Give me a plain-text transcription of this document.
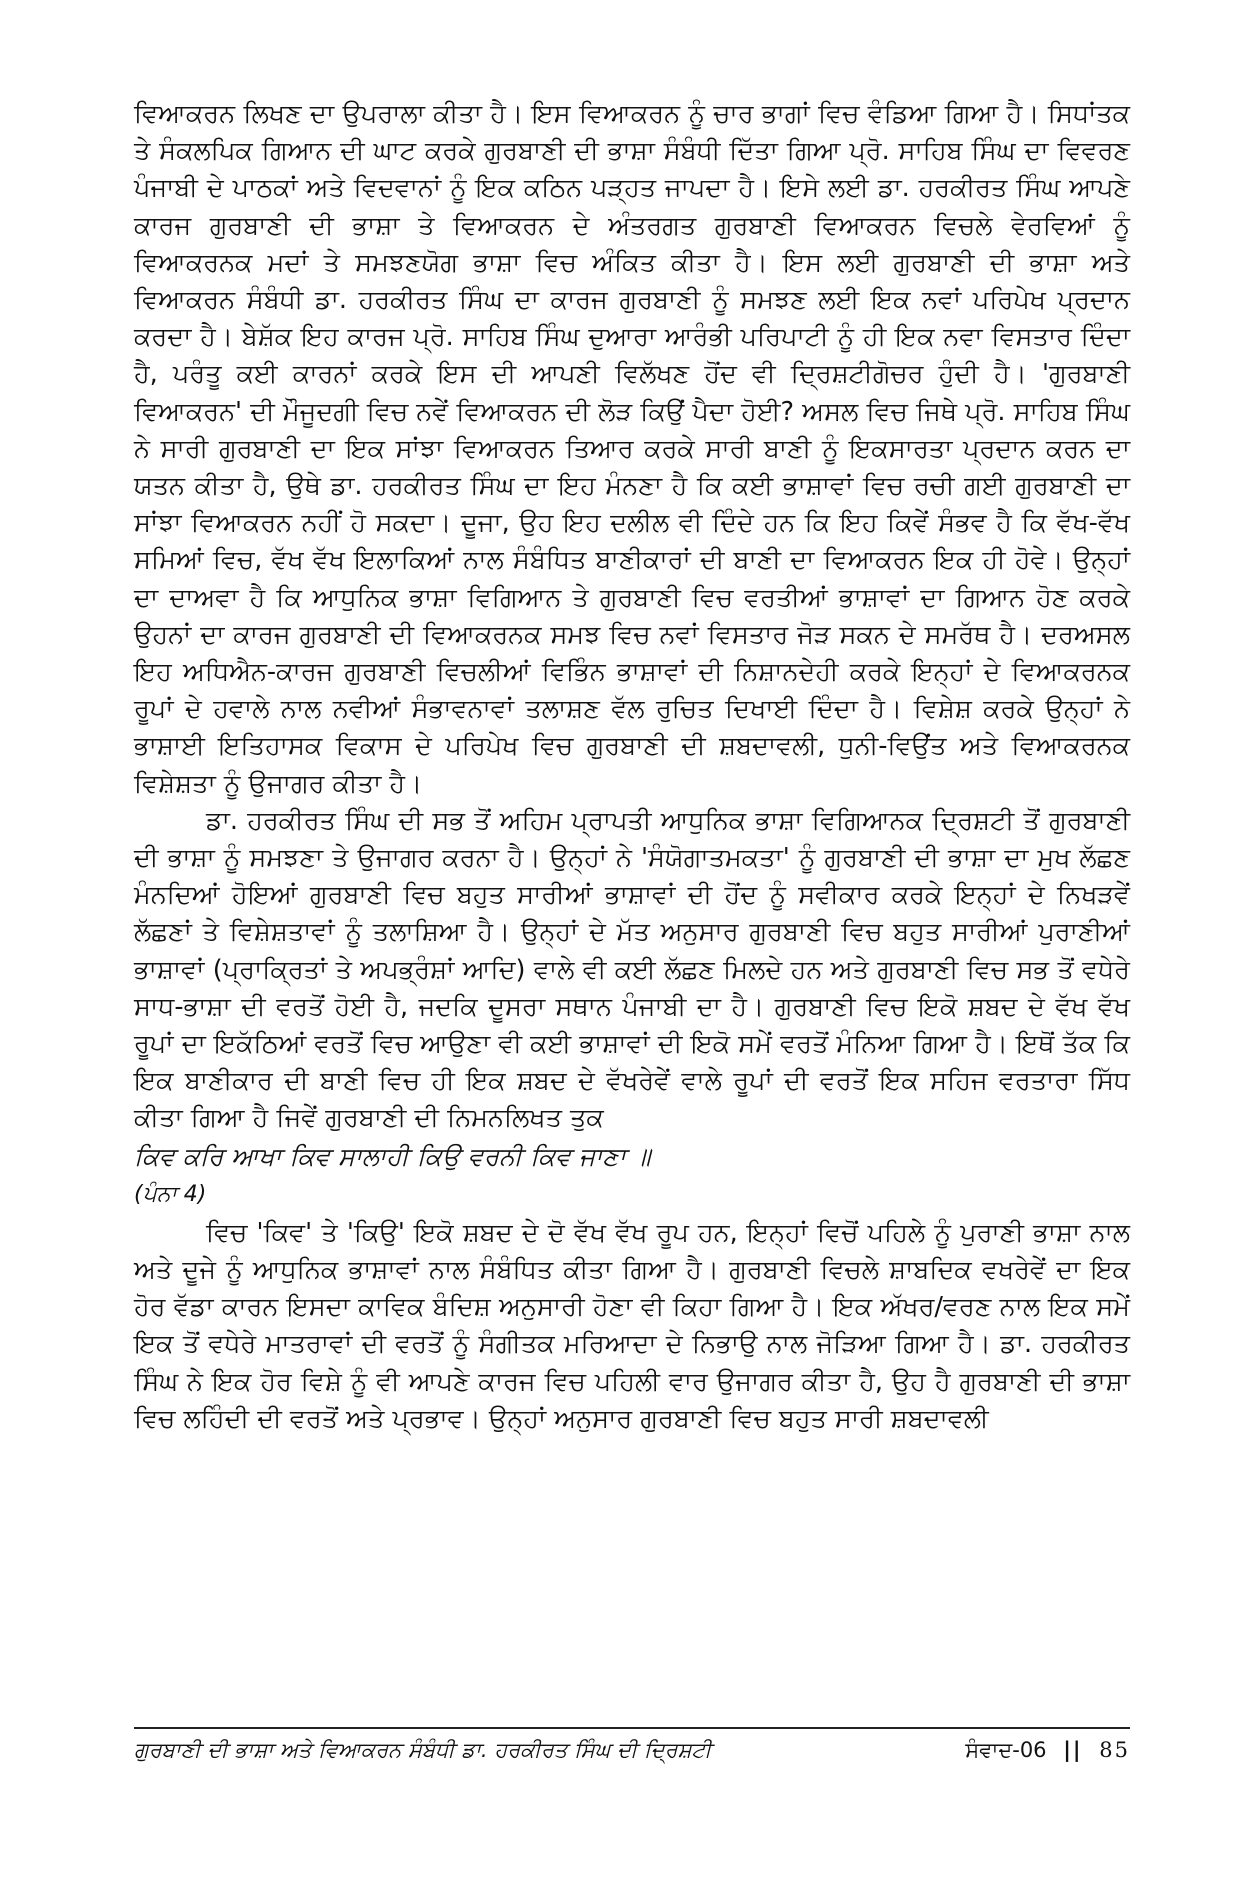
ਵਿਆਕਰਨ ਲਿਖਣ ਦਾ ਉਪਰਾਲਾ ਕੀਤਾ ਹੈ। ਇਸ ਵਿਆਕਰਨ ਨੂੰ ਚਾਰ ਭਾਗਾਂ ਵਿਚ ਵੰਡਿਆ ਗਿਆ ਹੈ। ਸਿਧਾਂਤਕ ਤੇ ਸੰਕਲਪਿਕ ਗਿਆਨ ਦੀ ਘਾਟ ਕਰਕੇ ਗੁਰਬਾਣੀ ਦੀ ਭਾਸ਼ਾ ਸੰਬੰਧੀ ਦਿੱਤਾ ਗਿਆ ਪ੍ਰੋ. ਸਾਹਿਬ ਸਿੰਘ ਦਾ ਵਿਵਰਣ ਪੰਜਾਬੀ ਦੇ ਪਾਠਕਾਂ ਅਤੇ ਵਿਦਵਾਨਾਂ ਨੂੰ ਇਕ ਕਠਿਨ ਪੜ੍ਹਤ ਜਾਪਦਾ ਹੈ। ਇਸੇ ਲਈ ਡਾ. ਹਰਕੀਰਤ ਸਿੰਘ ਆਪਣੇ ਕਾਰਜ ਗੁਰਬਾਣੀ ਦੀ ਭਾਸ਼ਾ ਤੇ ਵਿਆਕਰਨ ਦੇ ਅੰਤਰਗਤ ਗੁਰਬਾਣੀ ਵਿਆਕਰਨ ਵਿਚਲੇ ਵੇਰਵਿਆਂ ਨੂੰ ਵਿਆਕਰਨਕ ਮਦਾਂ ਤੇ ਸਮਝਣਯੋਗ ਭਾਸ਼ਾ ਵਿਚ ਅੰਕਿਤ ਕੀਤਾ ਹੈ। ਇਸ ਲਈ ਗੁਰਬਾਣੀ ਦੀ ਭਾਸ਼ਾ ਅਤੇ ਵਿਆਕਰਨ ਸੰਬੰਧੀ ਡਾ. ਹਰਕੀਰਤ ਸਿੰਘ ਦਾ ਕਾਰਜ ਗੁਰਬਾਣੀ ਨੂੰ ਸਮਝਣ ਲਈ ਇਕ ਨਵਾਂ ਪਰਿਪੇਖ ਪ੍ਰਦਾਨ ਕਰਦਾ ਹੈ। ਬੇਸ਼ੱਕ ਇਹ ਕਾਰਜ ਪ੍ਰੋ. ਸਾਹਿਬ ਸਿੰਘ ਦੁਆਰਾ ਆਰੰਭੀ ਪਰਿਪਾਟੀ ਨੂੰ ਹੀ ਇਕ ਨਵਾ ਵਿਸਤਾਰ ਦਿੰਦਾ ਹੈ, ਪਰੰਤੂ ਕਈ ਕਾਰਨਾਂ ਕਰਕੇ ਇਸ ਦੀ ਆਪਣੀ ਵਿਲੱਖਣ ਹੋਂਦ ਵੀ ਦ੍ਰਿਸ਼ਟੀਗੋਚਰ ਹੁੰਦੀ ਹੈ। 'ਗੁਰਬਾਣੀ ਵਿਆਕਰਨ' ਦੀ ਮੌਜੂਦਗੀ ਵਿਚ ਨਵੇਂ ਵਿਆਕਰਨ ਦੀ ਲੋੜ ਕਿਉਂ ਪੈਦਾ ਹੋਈ? ਅਸਲ ਵਿਚ ਜਿਥੇ ਪ੍ਰੋ. ਸਾਹਿਬ ਸਿੰਘ ਨੇ ਸਾਰੀ ਗੁਰਬਾਣੀ ਦਾ ਇਕ ਸਾਂਝਾ ਵਿਆਕਰਨ ਤਿਆਰ ਕਰਕੇ ਸਾਰੀ ਬਾਣੀ ਨੂੰ ਇਕਸਾਰਤਾ ਪ੍ਰਦਾਨ ਕਰਨ ਦਾ ਯਤਨ ਕੀਤਾ ਹੈ, ਉਥੇ ਡਾ. ਹਰਕੀਰਤ ਸਿੰਘ ਦਾ ਇਹ ਮੰਨਣਾ ਹੈ ਕਿ ਕਈ ਭਾਸ਼ਾਵਾਂ ਵਿਚ ਰਚੀ ਗਈ ਗੁਰਬਾਣੀ ਦਾ ਸਾਂਝਾ ਵਿਆਕਰਨ ਨਹੀਂ ਹੋ ਸਕਦਾ। ਦੂਜਾ, ਉਹ ਇਹ ਦਲੀਲ ਵੀ ਦਿੰਦੇ ਹਨ ਕਿ ਇਹ ਕਿਵੇਂ ਸੰਭਵ ਹੈ ਕਿ ਵੱਖ-ਵੱਖ ਸਮਿਆਂ ਵਿਚ, ਵੱਖ ਵੱਖ ਇਲਾਕਿਆਂ ਨਾਲ ਸੰਬੰਧਿਤ ਬਾਣੀਕਾਰਾਂ ਦੀ ਬਾਣੀ ਦਾ ਵਿਆਕਰਨ ਇਕ ਹੀ ਹੋਵੇ। ਉਨ੍ਹਾਂ ਦਾ ਦਾਅਵਾ ਹੈ ਕਿ ਆਧੁਨਿਕ ਭਾਸ਼ਾ ਵਿਗਿਆਨ ਤੇ ਗੁਰਬਾਣੀ ਵਿਚ ਵਰਤੀਆਂ ਭਾਸ਼ਾਵਾਂ ਦਾ ਗਿਆਨ ਹੋਣ ਕਰਕੇ ਉਹਨਾਂ ਦਾ ਕਾਰਜ ਗੁਰਬਾਣੀ ਦੀ ਵਿਆਕਰਨਕ ਸਮਝ ਵਿਚ ਨਵਾਂ ਵਿਸਤਾਰ ਜੋੜ ਸਕਨ ਦੇ ਸਮਰੱਥ ਹੈ। ਦਰਅਸਲ ਇਹ ਅਧਿਐਨ-ਕਾਰਜ ਗੁਰਬਾਣੀ ਵਿਚਲੀਆਂ ਵਿਭਿੰਨ ਭਾਸ਼ਾਵਾਂ ਦੀ ਨਿਸ਼ਾਨਦੇਹੀ ਕਰਕੇ ਇਨ੍ਹਾਂ ਦੇ ਵਿਆਕਰਨਕ ਰੂਪਾਂ ਦੇ ਹਵਾਲੇ ਨਾਲ ਨਵੀਆਂ ਸੰਭਾਵਨਾਵਾਂ ਤਲਾਸ਼ਣ ਵੱਲ ਰੁਚਿਤ ਦਿਖਾਈ ਦਿੰਦਾ ਹੈ। ਵਿਸ਼ੇਸ਼ ਕਰਕੇ ਉਨ੍ਹਾਂ ਨੇ ਭਾਸ਼ਾਈ ਇਤਿਹਾਸਕ ਵਿਕਾਸ ਦੇ ਪਰਿਪੇਖ ਵਿਚ ਗੁਰਬਾਣੀ ਦੀ ਸ਼ਬਦਾਵਲੀ, ਧੁਨੀ-ਵਿਉਂਤ ਅਤੇ ਵਿਆਕਰਨਕ ਵਿਸ਼ੇਸ਼ਤਾ ਨੂੰ ਉਜਾਗਰ ਕੀਤਾ ਹੈ।

ਡਾ. ਹਰਕੀਰਤ ਸਿੰਘ ਦੀ ਸਭ ਤੋਂ ਅਹਿਮ ਪ੍ਰਾਪਤੀ ਆਧੁਨਿਕ ਭਾਸ਼ਾ ਵਿਗਿਆਨਕ ਦ੍ਰਿਸ਼ਟੀ ਤੋਂ ਗੁਰਬਾਣੀ ਦੀ ਭਾਸ਼ਾ ਨੂੰ ਸਮਝਣਾ ਤੇ ਉਜਾਗਰ ਕਰਨਾ ਹੈ। ਉਨ੍ਹਾਂ ਨੇ 'ਸੰਯੋਗਾਤਮਕਤਾ' ਨੂੰ ਗੁਰਬਾਣੀ ਦੀ ਭਾਸ਼ਾ ਦਾ ਮੁਖ ਲੱਛਣ ਮੰਨਦਿਆਂ ਹੋਇਆਂ ਗੁਰਬਾਣੀ ਵਿਚ ਬਹੁਤ ਸਾਰੀਆਂ ਭਾਸ਼ਾਵਾਂ ਦੀ ਹੋਂਦ ਨੂੰ ਸਵੀਕਾਰ ਕਰਕੇ ਇਨ੍ਹਾਂ ਦੇ ਨਿਖੜਵੇਂ ਲੱਛਣਾਂ ਤੇ ਵਿਸ਼ੇਸ਼ਤਾਵਾਂ ਨੂੰ ਤਲਾਸ਼ਿਆ ਹੈ। ਉਨ੍ਹਾਂ ਦੇ ਮੱਤ ਅਨੁਸਾਰ ਗੁਰਬਾਣੀ ਵਿਚ ਬਹੁਤ ਸਾਰੀਆਂ ਪੁਰਾਣੀਆਂ ਭਾਸ਼ਾਵਾਂ (ਪ੍ਰਾਕ੍ਰਿਤਾਂ ਤੇ ਅਪਭ੍ਰੰਸ਼ਾਂ ਆਦਿ) ਵਾਲੇ ਵੀ ਕਈ ਲੱਛਣ ਮਿਲਦੇ ਹਨ ਅਤੇ ਗੁਰਬਾਣੀ ਵਿਚ ਸਭ ਤੋਂ ਵਧੇਰੇ ਸਾਧ-ਭਾਸ਼ਾ ਦੀ ਵਰਤੋਂ ਹੋਈ ਹੈ, ਜਦਕਿ ਦੂਸਰਾ ਸਥਾਨ ਪੰਜਾਬੀ ਦਾ ਹੈ। ਗੁਰਬਾਣੀ ਵਿਚ ਇਕੋ ਸ਼ਬਦ ਦੇ ਵੱਖ ਵੱਖ ਰੂਪਾਂ ਦਾ ਇਕੱਠਿਆਂ ਵਰਤੋਂ ਵਿਚ ਆਉਣਾ ਵੀ ਕਈ ਭਾਸ਼ਾਵਾਂ ਦੀ ਇਕੋ ਸਮੇਂ ਵਰਤੋਂ ਮੰਨਿਆ ਗਿਆ ਹੈ। ਇਥੋਂ ਤੱਕ ਕਿ ਇਕ ਬਾਣੀਕਾਰ ਦੀ ਬਾਣੀ ਵਿਚ ਹੀ ਇਕ ਸ਼ਬਦ ਦੇ ਵੱਖਰੇਵੇਂ ਵਾਲੇ ਰੂਪਾਂ ਦੀ ਵਰਤੋਂ ਇਕ ਸਹਿਜ ਵਰਤਾਰਾ ਸਿੱਧ ਕੀਤਾ ਗਿਆ ਹੈ ਜਿਵੇਂ ਗੁਰਬਾਣੀ ਦੀ ਨਿਮਨਲਿਖਤ ਤੁਕ

ਕਿਵ ਕਰਿ ਆਖਾ ਕਿਵ ਸਾਲਾਹੀ ਕਿਉ ਵਰਨੀ ਕਿਵ ਜਾਣਾ ॥

(ਪੰਨਾ 4)

ਵਿਚ 'ਕਿਵ' ਤੇ 'ਕਿਉ' ਇਕੋ ਸ਼ਬਦ ਦੇ ਦੋ ਵੱਖ ਵੱਖ ਰੂਪ ਹਨ, ਇਨ੍ਹਾਂ ਵਿਚੋਂ ਪਹਿਲੇ ਨੂੰ ਪੁਰਾਣੀ ਭਾਸ਼ਾ ਨਾਲ ਅਤੇ ਦੂਜੇ ਨੂੰ ਆਧੁਨਿਕ ਭਾਸ਼ਾਵਾਂ ਨਾਲ ਸੰਬੰਧਿਤ ਕੀਤਾ ਗਿਆ ਹੈ। ਗੁਰਬਾਣੀ ਵਿਚਲੇ ਸ਼ਾਬਦਿਕ ਵਖਰੇਵੇਂ ਦਾ ਇਕ ਹੋਰ ਵੱਡਾ ਕਾਰਨ ਇਸਦਾ ਕਾਵਿਕ ਬੰਦਿਸ਼ ਅਨੁਸਾਰੀ ਹੋਣਾ ਵੀ ਕਿਹਾ ਗਿਆ ਹੈ। ਇਕ ਅੱਖਰ/ਵਰਣ ਨਾਲ ਇਕ ਸਮੇਂ ਇਕ ਤੋਂ ਵਧੇਰੇ ਮਾਤਰਾਵਾਂ ਦੀ ਵਰਤੋਂ ਨੂੰ ਸੰਗੀਤਕ ਮਰਿਆਦਾ ਦੇ ਨਿਭਾਉ ਨਾਲ ਜੋੜਿਆ ਗਿਆ ਹੈ। ਡਾ. ਹਰਕੀਰਤ ਸਿੰਘ ਨੇ ਇਕ ਹੋਰ ਵਿਸ਼ੇ ਨੂੰ ਵੀ ਆਪਣੇ ਕਾਰਜ ਵਿਚ ਪਹਿਲੀ ਵਾਰ ਉਜਾਗਰ ਕੀਤਾ ਹੈ, ਉਹ ਹੈ ਗੁਰਬਾਣੀ ਦੀ ਭਾਸ਼ਾ ਵਿਚ ਲਹਿੰਦੀ ਦੀ ਵਰਤੋਂ ਅਤੇ ਪ੍ਰਭਾਵ। ਉਨ੍ਹਾਂ ਅਨੁਸਾਰ ਗੁਰਬਾਣੀ ਵਿਚ ਬਹੁਤ ਸਾਰੀ ਸ਼ਬਦਾਵਲੀ

ਗੁਰਬਾਣੀ ਦੀ ਭਾਸ਼ਾ ਅਤੇ ਵਿਆਕਰਨ ਸੰਬੰਧੀ ਡਾ. ਹਰਕੀਰਤ ਸਿੰਘ ਦੀ ਦ੍ਰਿਸ਼ਟੀ	ਸੰਵਾਦ-06 || 85
